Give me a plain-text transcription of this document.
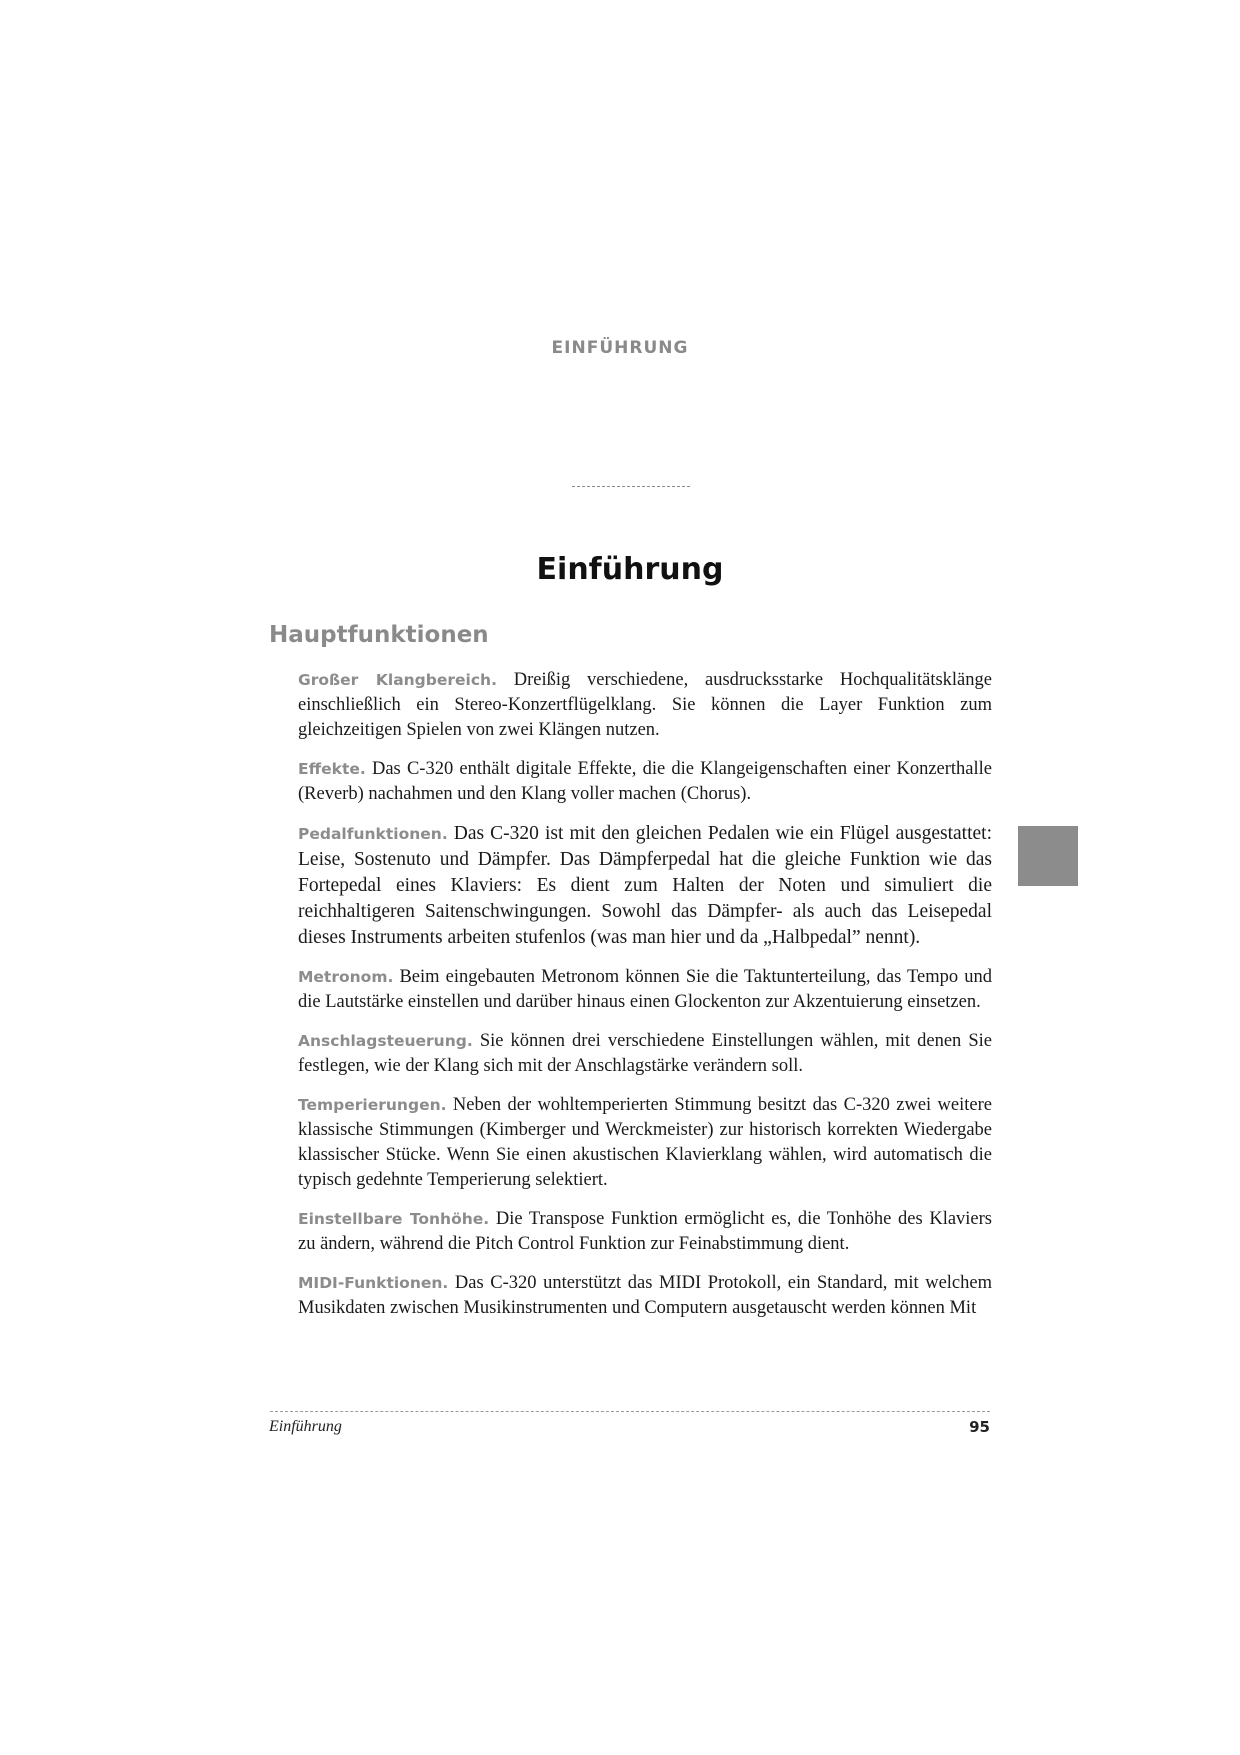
EINFÜHRUNG
Einführung
Hauptfunktionen

Großer Klangbereich. Dreißig verschiedene, ausdrucksstarke Hochqualitätsklänge einschließlich ein Stereo-Konzertflügelklang. Sie können die Layer Funktion zum gleichzeitigen Spielen von zwei Klängen nutzen.

Effekte. Das C-320 enthält digitale Effekte, die die Klangeigenschaften einer Konzerthalle (Reverb) nachahmen und den Klang voller machen (Chorus).

Pedalfunktionen. Das C-320 ist mit den gleichen Pedalen wie ein Flügel ausgestattet: Leise, Sostenuto und Dämpfer. Das Dämpferpedal hat die gleiche Funktion wie das Fortepedal eines Klaviers: Es dient zum Halten der Noten und simuliert die reichhaltigeren Saitenschwingungen. Sowohl das Dämpfer- als auch das Leisepedal dieses Instruments arbeiten stufenlos (was man hier und da „Halbpedal” nennt).

Metronom. Beim eingebauten Metronom können Sie die Taktunterteilung, das Tempo und die Lautstärke einstellen und darüber hinaus einen Glockenton zur Akzentuierung einsetzen.

Anschlagsteuerung. Sie können drei verschiedene Einstellungen wählen, mit denen Sie festlegen, wie der Klang sich mit der Anschlagstärke verändern soll.

Temperierungen. Neben der wohltemperierten Stimmung besitzt das C-320 zwei weitere klassische Stimmungen (Kimberger und Werckmeister) zur historisch korrekten Wiedergabe klassischer Stücke. Wenn Sie einen akustischen Klavierklang wählen, wird automatisch die typisch gedehnte Temperierung selektiert.

Einstellbare Tonhöhe. Die Transpose Funktion ermöglicht es, die Tonhöhe des Klaviers zu ändern, während die Pitch Control Funktion zur Feinabstimmung dient.

MIDI-Funktionen. Das C-320 unterstützt das MIDI Protokoll, ein Standard, mit welchem Musikdaten zwischen Musikinstrumenten und Computern ausgetauscht werden können Mit

Einführung	95
